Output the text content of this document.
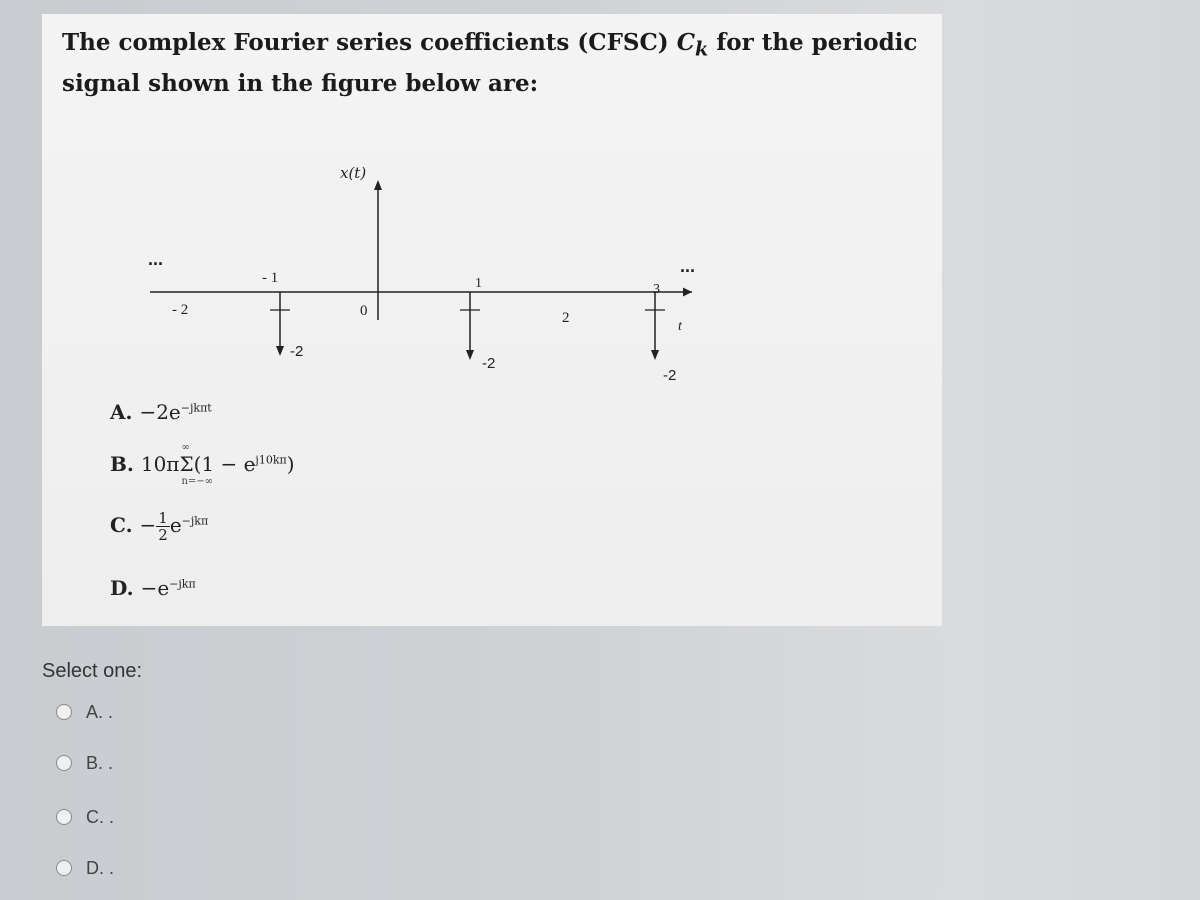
The complex Fourier series coefficients (CFSC) $C_k$ for the periodic
signal shown in the figure below are:
x(t)
...	...
- 2
- 1
0
1
2
3
t
-2
-2
-2
A. $-2e^{-jk\pi t}$
B. 10πΣ
∞
n=−∞
$(1 - e^{j10k\pi})$
C. − $\frac{1}{2} e^{-jk\pi}$
D. $-e^{-jk\pi}$
Select one:
A. .
B. .
C. .
D. .
